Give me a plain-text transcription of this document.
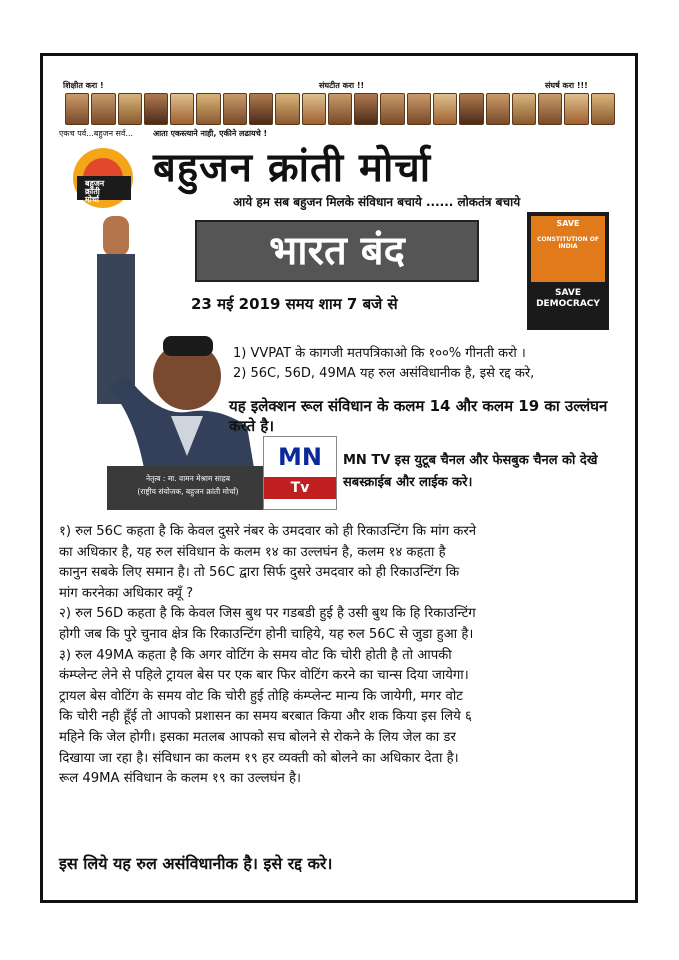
शिक्षीत करा !	संघटीत करा !!	संघर्ष करा !!!
एकच पर्व...बहुजन सर्व... आता एकस्त्याने नाही, एकीने लढायचे !
बहुजन
क्रांती
मोर्चा
बहुजन क्रांती मोर्चा
आये हम सब बहुजन मिलके संविधान बचाये ...... लोकतंत्र बचाये
भारत बंद
23 मई 2019 समय शाम 7 बजे से
SAVE
CONSTITUTION OF INDIA
SAVE
DEMOCRACY
नेतृत्व : मा. वामन मेश्राम साहब
(राष्ट्रीय संयोजक, बहुजन क्रांती मोर्चा)
1) VVPAT के कागजी मतपत्रिकाओ कि १००% गीनती करो ।
2) 56C, 56D, 49MA यह रुल असंविधानीक है, इसे रद्द करे,
यह इलेक्शन रूल संविधान के कलम 14 और कलम 19 का उल्लंघन करते है।
MN
Tv
MN TV इस युटूब चैनल और फेसबुक चैनल को देखे
सबस्क्राईब और लाईक करे।

१) रुल 56C कहता है कि केवल दुसरे नंबर के उमदवार को ही रिकाउन्टिंग कि मांग करने

का अधिकार है, यह रुल संविधान के कलम १४ का उल्लघंन है, कलम १४ कहता है

कानुन सबके लिए समान है। तो 56C द्वारा सिर्फ दुसरे उमदवार को ही रिकाउन्टिंग कि

मांग करनेका अधिकार क्यूँ ?

२) रुल 56D कहता है कि केवल जिस बुथ पर गडबडी हुई है उसी बुथ कि हि रिकाउन्टिंग

होगी जब कि पुरे चुनाव क्षेत्र कि रिकाउन्टिंग होनी चाहिये, यह रुल 56C से जुडा हुआ है।

३) रुल 49MA कहता है कि अगर वोटिंग के समय वोट कि चोरी होती है तो आपकी

कंम्प्लेन्ट लेने से पहिले ट्रायल बेस पर एक बार फिर वोटिंग करने का चान्स दिया जायेगा।

ट्रायल बेस वोटिंग के समय वोट कि चोरी हुई तोहि कंम्प्लेन्ट मान्य कि जायेगी, मगर वोट

कि चोरी नही हूँई तो आपको प्रशासन का समय बरबात किया और शक किया इस लिये ६

महिने कि जेल होगी। इसका मतलब आपको सच बोलने से रोकने के लिय जेल का डर

दिखाया जा रहा है। संविधान का कलम १९ हर व्यक्ती को बोलने का अधिकार देता है।

रूल 49MA संविधान के कलम १९ का उल्लघंन है।

इस लिये यह रुल असंविधानीक है। इसे रद्द करे।
